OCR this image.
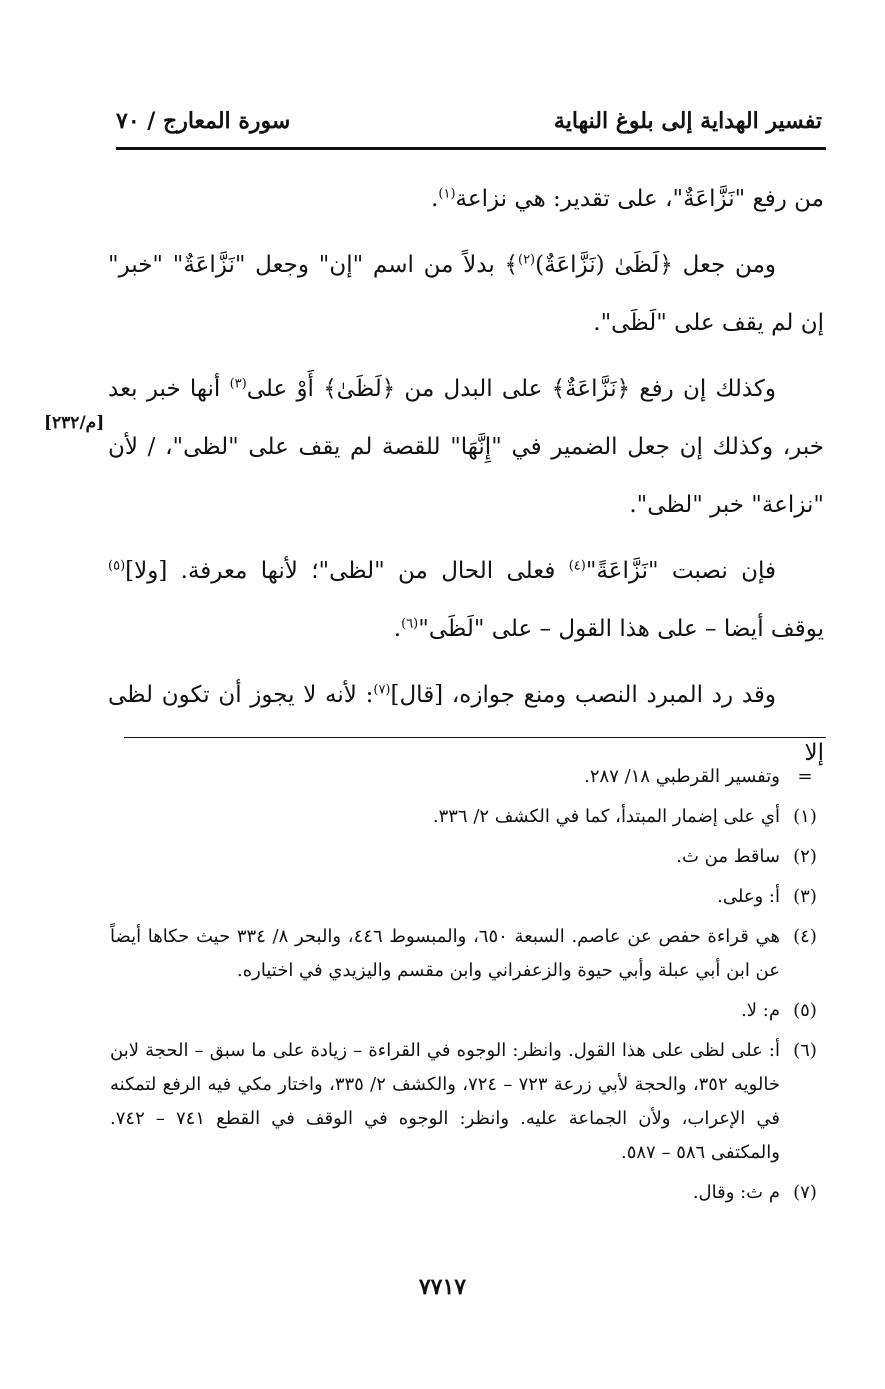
تفسير الهداية إلى بلوغ النهاية
سورة المعارج / ٧٠

من رفع "نَزَّاعَةٌ"، على تقدير: هي نزاعة$^{(١)}$.

ومن جعل ﴿لَظَىٰ (نَزَّاعَةٌ)$^{(٢)}$﴾ بدلاً من اسم "إن" وجعل "نَزَّاعَةٌ" "خبر" إن لم يقف على "لَظَى".

وكذلك إن رفع ﴿نَزَّاعَةٌ﴾ على البدل من ﴿لَظَىٰ﴾ أَوْ على$^{(٣)}$ أنها خبر بعد خبر، وكذلك إن جعل الضمير في "إِنَّهَا" للقصة لم يقف على "لظى"، / لأن "نزاعة" خبر "لظى".

فإن نصبت "نَزَّاعَةً"$^{(٤)}$ فعلى الحال من "لظى"؛ لأنها معرفة. [ولا]$^{(٥)}$ يوقف أيضا – على هذا القول – على "لَظَى"$^{(٦)}$.

وقد رد المبرد النصب ومنع جوازه، [قال]$^{(٧)}$: لأنه لا يجوز أن تكون لظى إلا

[م/٢٣٢]
=
وتفسير القرطبي ١٨/ ٢٨٧.
(١)
أي على إضمار المبتدأ، كما في الكشف ٢/ ٣٣٦.
(٢)
ساقط من ث.
(٣)
أ: وعلى.
(٤)
هي قراءة حفص عن عاصم. السبعة ٦٥٠، والمبسوط ٤٤٦، والبحر ٨/ ٣٣٤ حيث حكاها أيضاً عن ابن أبي عبلة وأبي حيوة والزعفراني وابن مقسم واليزيدي في اختياره.
(٥)
م: لا.
(٦)
أ: على لظى على هذا القول. وانظر: الوجوه في القراءة – زيادة على ما سبق – الحجة لابن خالويه ٣٥٢، والحجة لأبي زرعة ٧٢٣ – ٧٢٤، والكشف ٢/ ٣٣٥، واختار مكي فيه الرفع لتمكنه في الإعراب، ولأن الجماعة عليه. وانظر: الوجوه في الوقف في القطع ٧٤١ – ٧٤٢. والمكتفى ٥٨٦ – ٥٨٧.
(٧)
م ث: وقال.
٧٧١٧
